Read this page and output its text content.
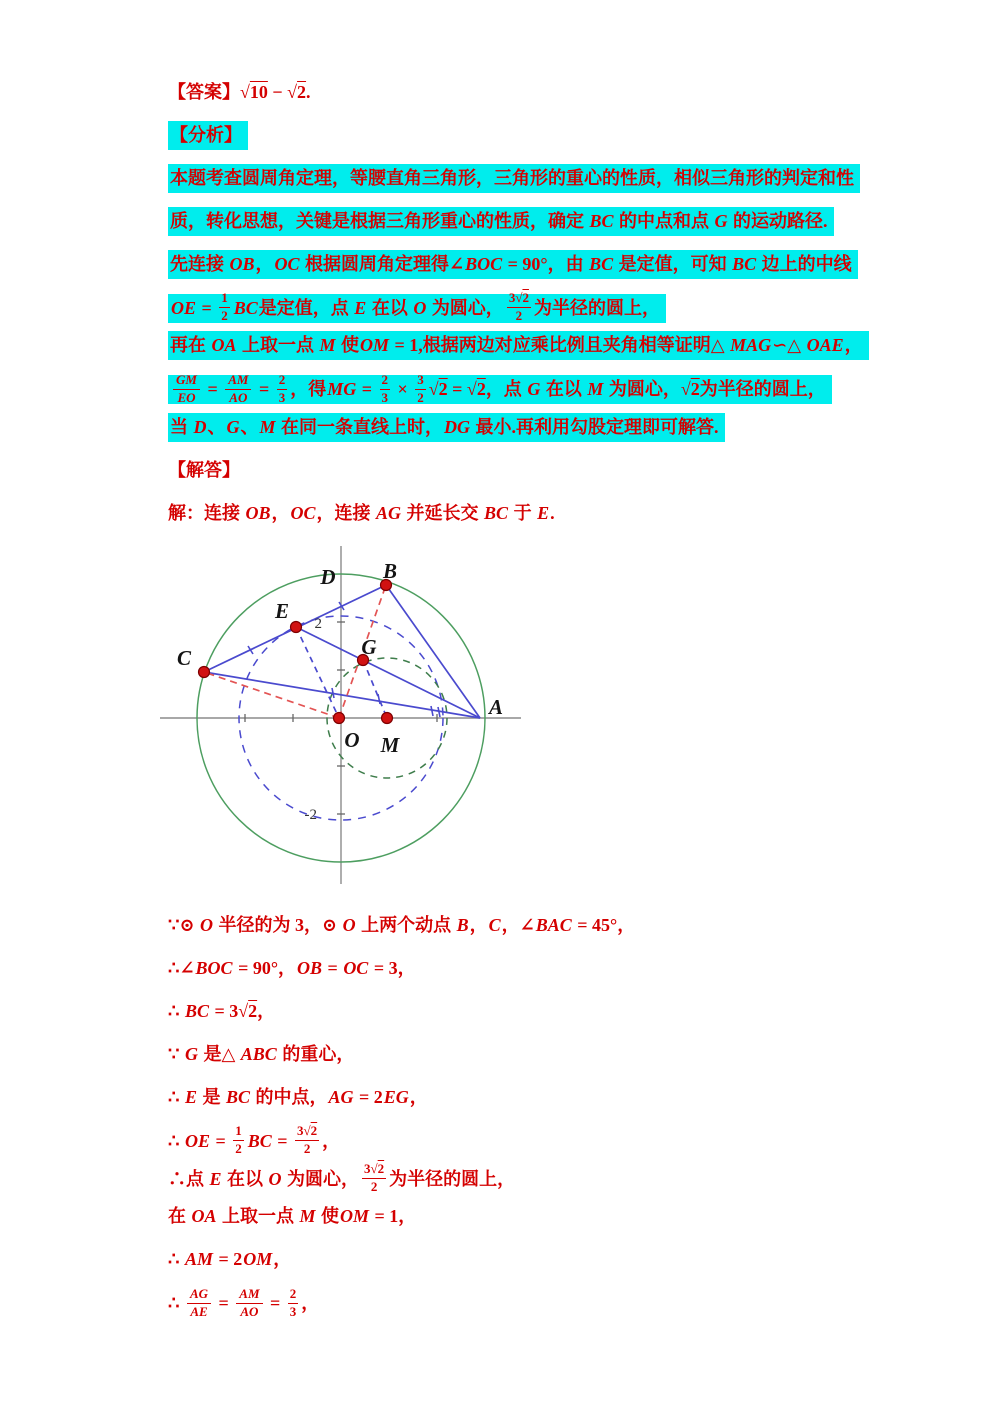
【答案】√10 − √2.
【分析】
本题考查圆周角定理，等腰直角三角形，三角形的重心的性质，相似三角形的判定和性
质，转化思想，关键是根据三角形重心的性质，确定 BC 的中点和点 G 的运动路径.
先连接 OB，OC 根据圆周角定理得∠BOC = 90°，由 BC 是定值，可知 BC 边上的中线
OE = $\frac{1}{2}$ BC是定值，点 E 在以 O 为圆心， $\frac{3√2}{2}$ 为半径的圆上，
再在 OA 上取一点 M 使OM = 1,根据两边对应乘比例且夹角相等证明△ MAG∽△ OAE，
$\frac{GM}{EO} = \frac{AM}{AO} = \frac{2}{3}$ ，得MG = $\frac{2}{3} \times \frac{3}{2} √2 = √2$，点 G 在以 M 为圆心，√2为半径的圆上，
当 D、G、M 在同一条直线上时，DG 最小.再利用勾股定理即可解答.
【解答】
解：连接 OB，OC，连接 AG 并延长交 BC 于 E.
D B
E
C	G
O M
A
2
-2
∵⊙ O 半径的为 3，⊙ O 上两个动点 B，C，∠BAC = 45°，
∴∠BOC = 90°，OB = OC = 3，
∴ BC = 3√2，
∵ G 是△ ABC 的重心，
∴ E 是 BC 的中点，AG = 2EG，
∴ OE = $\frac{1}{2}$ BC = $\frac{3√2}{2}$ ，
∴点 E 在以 O 为圆心， $\frac{3√2}{2}$ 为半径的圆上，
在 OA 上取一点 M 使OM = 1，
∴ AM = 2OM，
∴ $\frac{AG}{AE} = \frac{AM}{AO} = \frac{2}{3}$ ，
